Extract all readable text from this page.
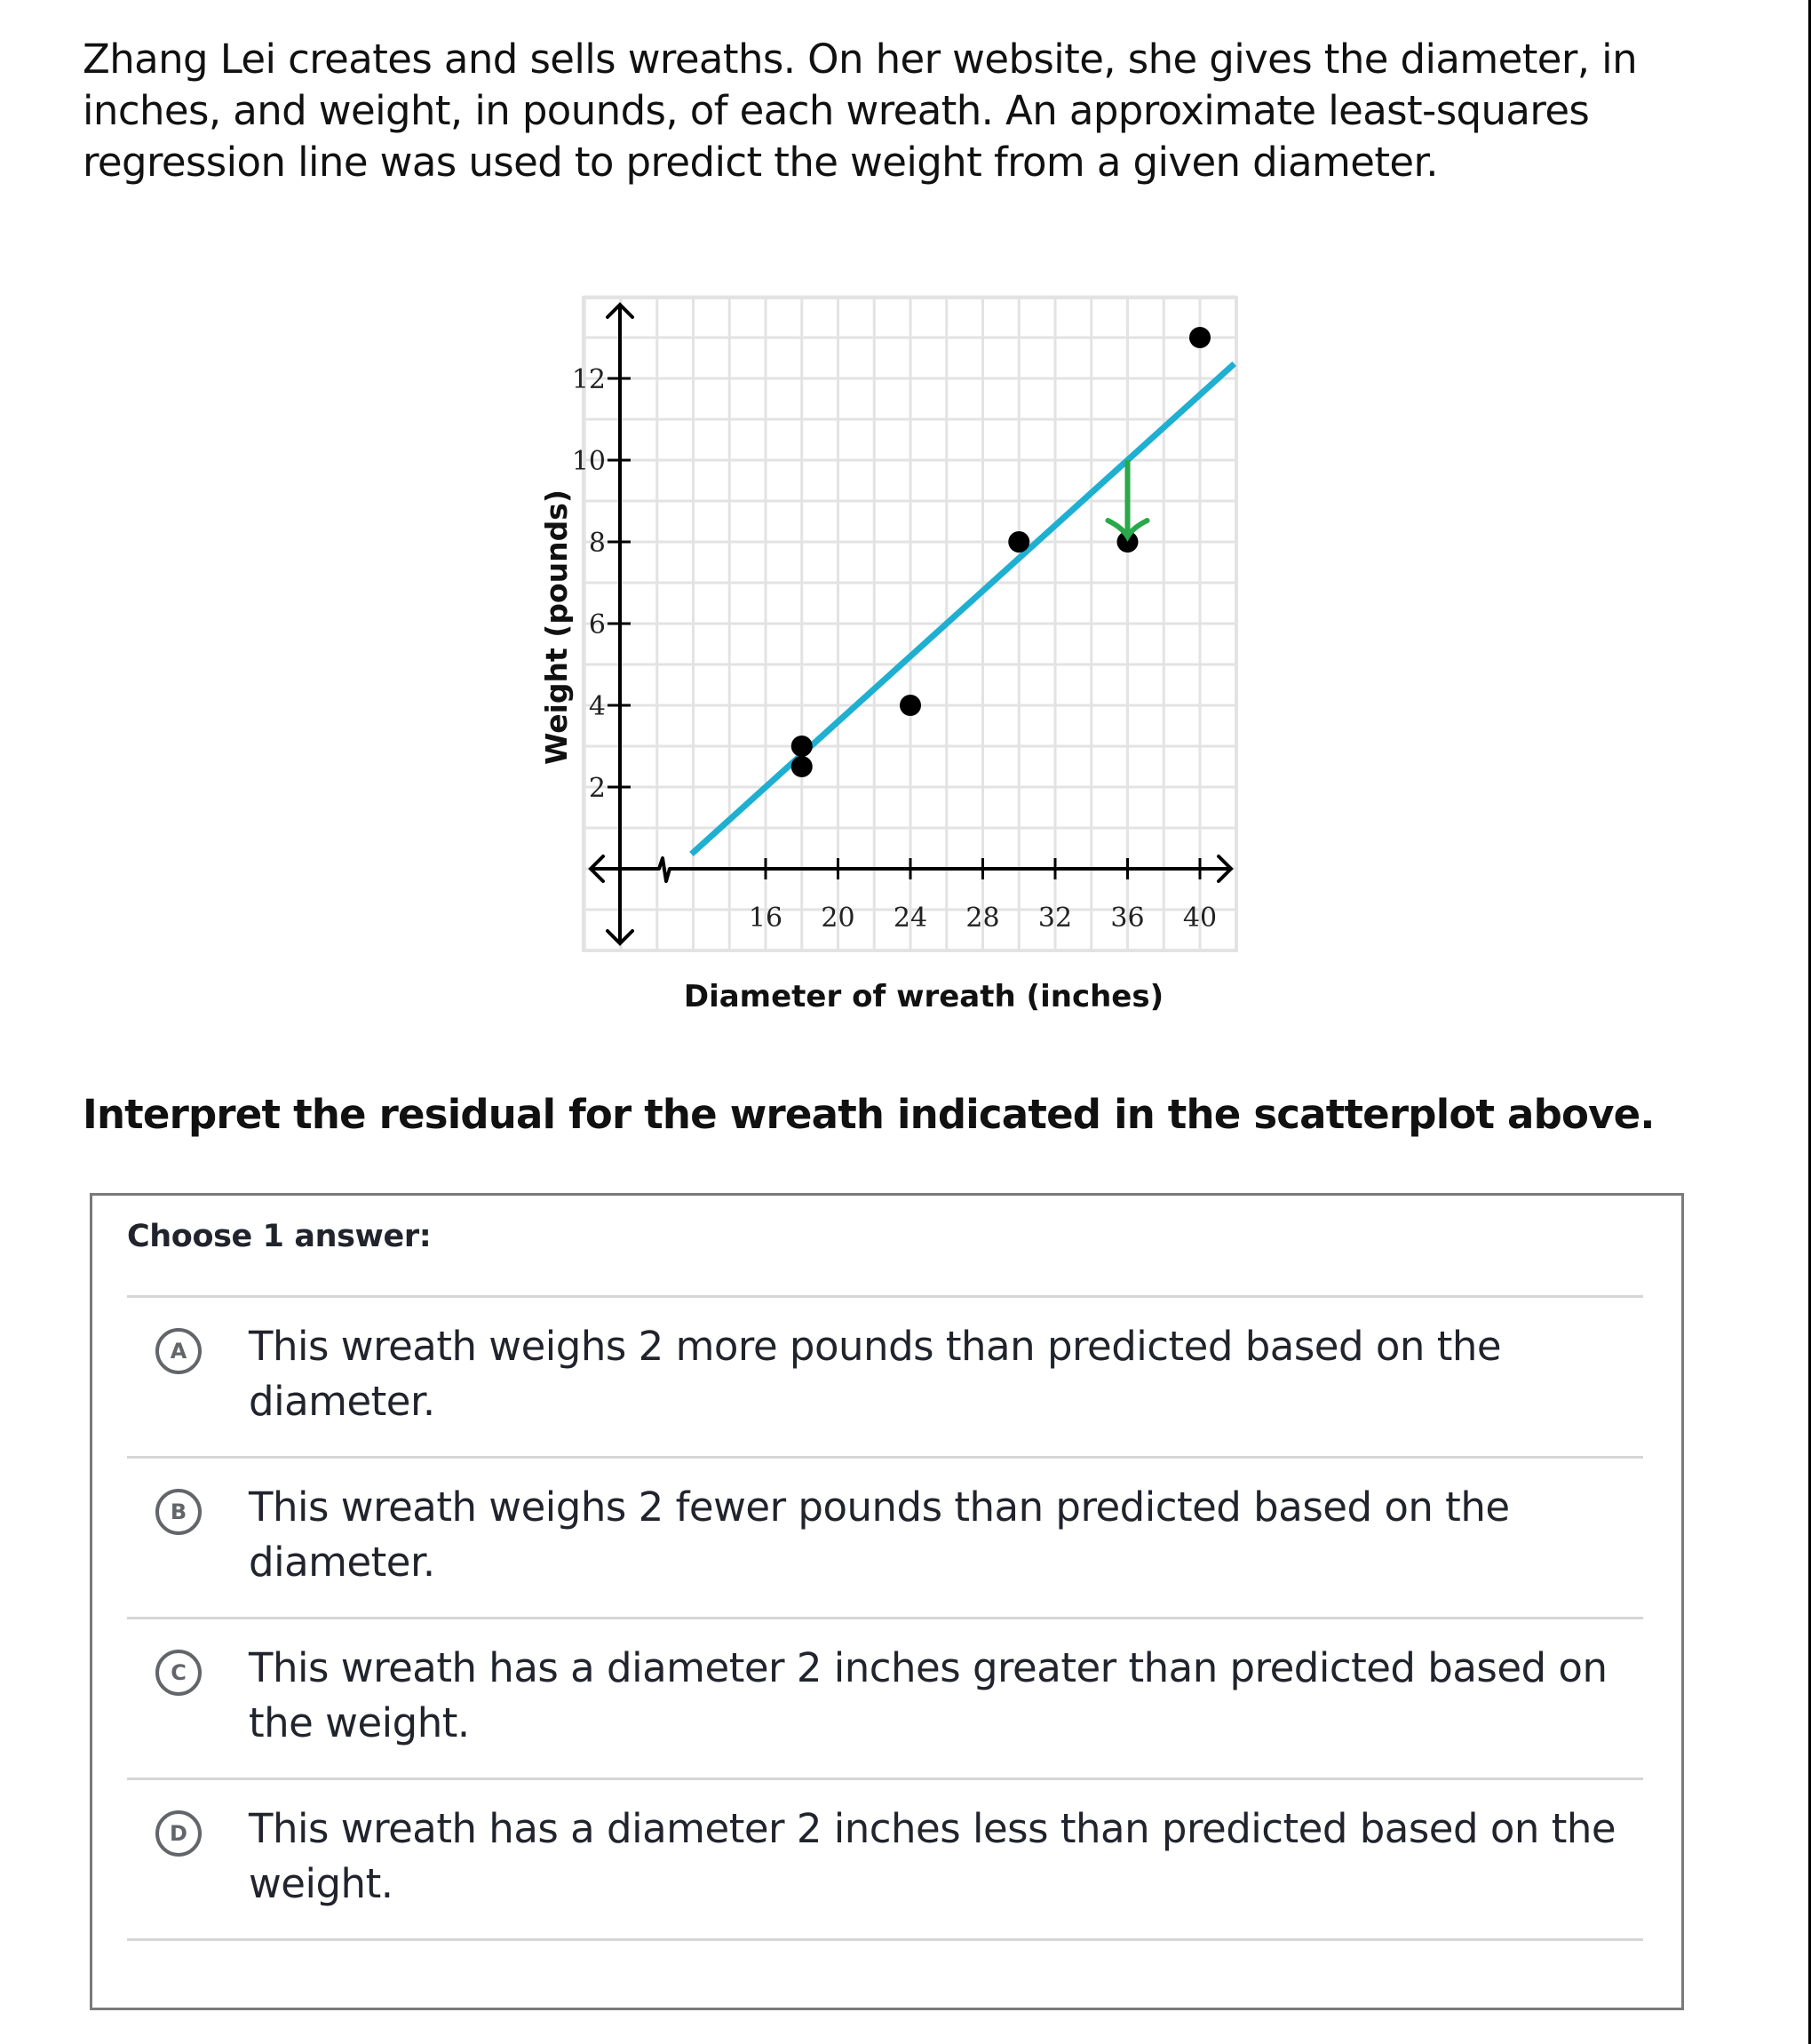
Zhang Lei creates and sells wreaths. On her website, she gives the diameter, in
inches, and weight, in pounds, of each wreath. An approximate least-squares
regression line was used to predict the weight from a given diameter.
16 20 24 28 32 36 40
2
4
6
8
10
12
Diameter of wreath (inches)
Weight (pounds)
Interpret the residual for the wreath indicated in the scatterplot above.
Choose 1 answer:
A	This wreath weighs 2 more pounds than predicted based on the
diameter.
B	This wreath weighs 2 fewer pounds than predicted based on the
diameter.
C	This wreath has a diameter 2 inches greater than predicted based on
the weight.
D	This wreath has a diameter 2 inches less than predicted based on the
weight.
